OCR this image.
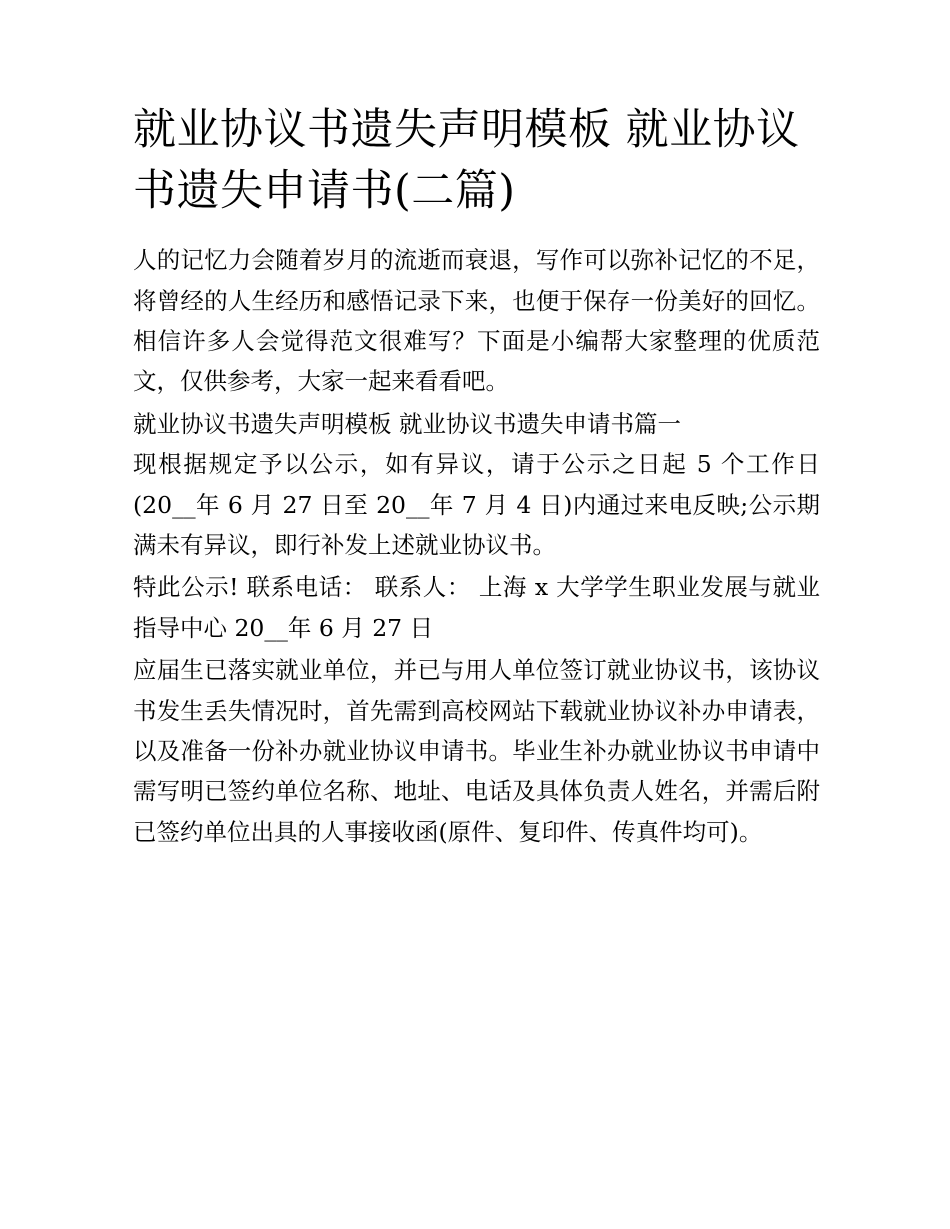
就业协议书遗失声明模板 就业协议书遗失申请书(二篇)

人的记忆力会随着岁月的流逝而衰退，写作可以弥补记忆的不足，将曾经的人生经历和感悟记录下来，也便于保存一份美好的回忆。相信许多人会觉得范文很难写？下面是小编帮大家整理的优质范文，仅供参考，大家一起来看看吧。

就业协议书遗失声明模板 就业协议书遗失申请书篇一

现根据规定予以公示，如有异议，请于公示之日起 5 个工作日(20__年 6 月 27 日至 20__年 7 月 4 日)内通过来电反映;公示期满未有异议，即行补发上述就业协议书。

特此公示! 联系电话： 联系人： 上海 x 大学学生职业发展与就业指导中心 20__年 6 月 27 日

应届生已落实就业单位，并已与用人单位签订就业协议书，该协议书发生丢失情况时，首先需到高校网站下载就业协议补办申请表，以及准备一份补办就业协议申请书。毕业生补办就业协议书申请中需写明已签约单位名称、地址、电话及具体负责人姓名，并需后附已签约单位出具的人事接收函(原件、复印件、传真件均可)。
